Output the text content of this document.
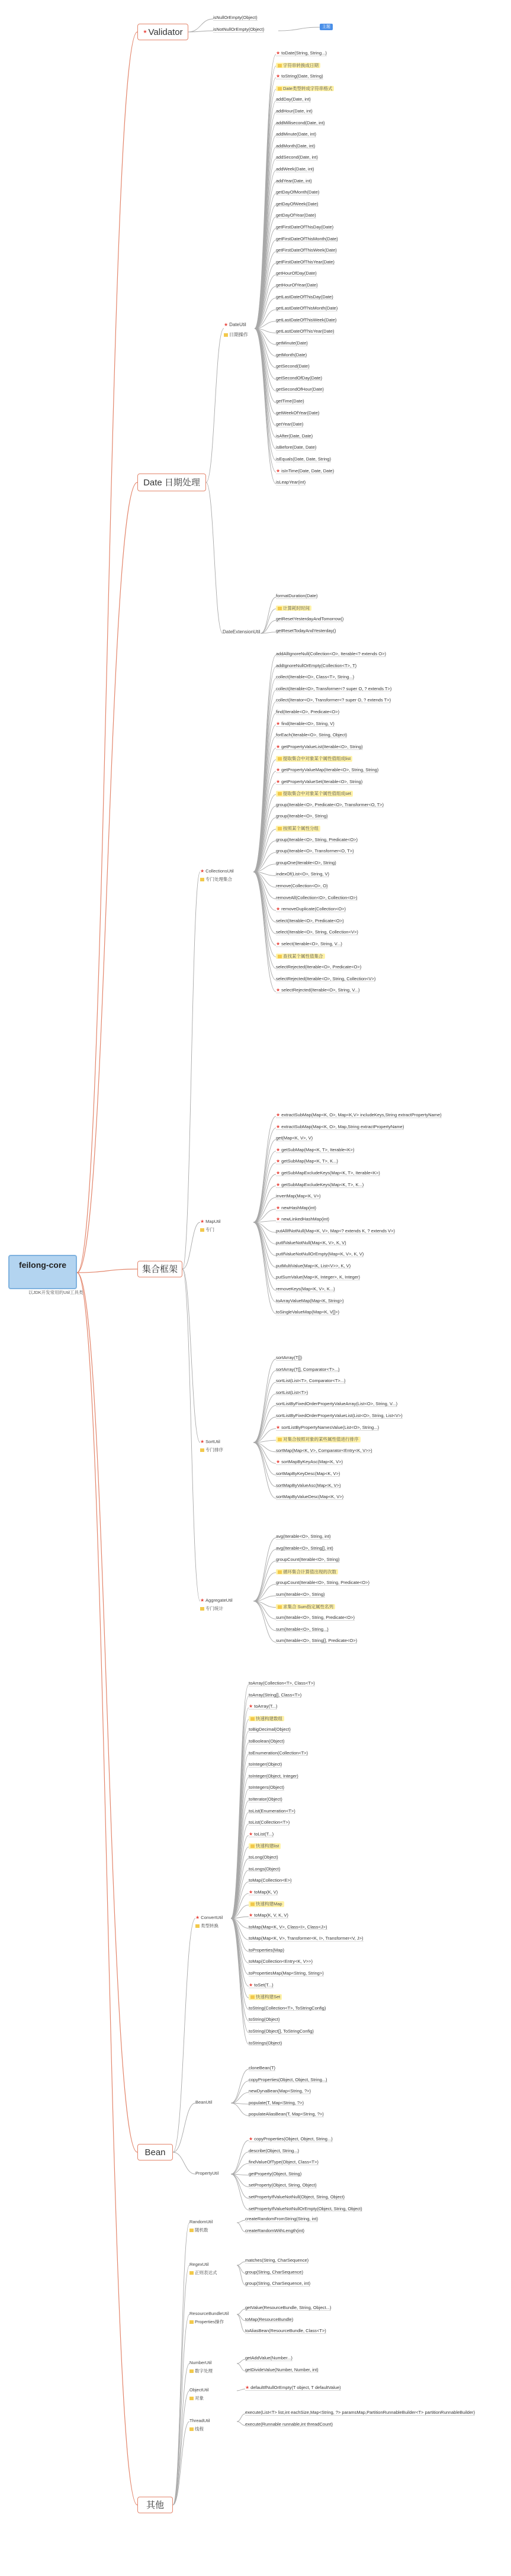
feilong-core
以JDK开发常用的Util工具类
★ Validator
isNullOrEmpty(Object)
isNotNullOrEmpty(Object)	主题
Date 日期处理
★ DateUtil
日期操作
DateExtensionUtil
集合框架
Bean
其他
★ toDate(String, String...)
字符串转换成日期
★ toString(Date, String)
Date类型转成字符串格式
addDay(Date, int)
addHour(Date, int)
addMillisecond(Date, int)
addMinute(Date, int)
addMonth(Date, int)
addSecond(Date, int)
addWeek(Date, int)
addYear(Date, int)
getDayOfMonth(Date)
getDayOfWeek(Date)
getDayOfYear(Date)
getFirstDateOfThisDay(Date)
getFirstDateOfThisMonth(Date)
getFirstDateOfThisWeek(Date)
getFirstDateOfThisYear(Date)
getHourOfDay(Date)
getHourOfYear(Date)
getLastDateOfThisDay(Date)
getLastDateOfThisMonth(Date)
getLastDateOfThisWeek(Date)
getLastDateOfThisYear(Date)
getMinute(Date)
getMonth(Date)
getSecond(Date)
getSecondOfDay(Date)
getSecondOfHour(Date)
getTime(Date)
getWeekOfYear(Date)
getYear(Date)
isAfter(Date, Date)
isBefore(Date, Date)
isEquals(Date, Date, String)
★ isInTime(Date, Date, Date)
isLeapYear(int)
formatDuration(Date)
计算耗时时间
getResetYesterdayAndTomorrow()
getResetTodayAndYesterday()
★ CollectionsUtil
专门处理集合
addAllIgnoreNull(Collection<O>, Iterable<? extends O>)
addIgnoreNullOrEmpty(Collection<T>, T)
collect(Iterable<O>, Class<T>, String...)
collect(Iterable<O>, Transformer<? super O, ? extends T>)
collect(Iterator<O>, Transformer<? super O, ? extends T>)
find(Iterable<O>, Predicate<O>)
★ find(Iterable<O>, String, V)
forEach(Iterable<O>, String, Object)
★ getPropertyValueList(Iterable<O>, String)
提取集合中对象某个属性值组成list
★ getPropertyValueMap(Iterable<O>, String, String)
★ getPropertyValueSet(Iterable<O>, String)
提取集合中对象某个属性值组成set
group(Iterable<O>, Predicate<O>, Transformer<O, T>)
group(Iterable<O>, String)
按照某个属性分组
group(Iterable<O>, String, Predicate<O>)
group(Iterable<O>, Transformer<O, T>)
groupOne(Iterable<O>, String)
indexOf(List<O>, String, V)
remove(Collection<O>, O)
removeAll(Collection<O>, Collection<O>)
★ removeDuplicate(Collection<O>)
select(Iterable<O>, Predicate<O>)
select(Iterable<O>, String, Collection<V>)
★ select(Iterable<O>, String, V...)
查找某个属性值集合
selectRejected(Iterable<O>, Predicate<O>)
selectRejected(Iterable<O>, String, Collection<V>)
★ selectRejected(Iterable<O>, String, V...)
★ MapUtil
专门
★ extractSubMap(Map<K, O>, Map<K,V> includeKeys,String extractPropertyName)
★ extractSubMap(Map<K, O>, Map,String extractPropertyName)
get(Map<K, V>, V)
★ getSubMap(Map<K, T>, Iterable<K>)
★ getSubMap(Map<K, T>, K...)
★ getSubMapExcludeKeys(Map<K, T>, Iterable<K>)
★ getSubMapExcludeKeys(Map<K, T>, K...)
invertMap(Map<K, V>)
★ newHashMap(int)
★ newLinkedHashMap(int)
putAllIfNotNull(Map<K, V>, Map<? extends K, ? extends V>)
putIfValueNotNull(Map<K, V>, K, V)
putIfValueNotNullOrEmpty(Map<K, V>, K, V)
putMultiValue(Map<K, List<V>>, K, V)
putSumValue(Map<K, Integer>, K, Integer)
removeKeys(Map<K, V>, K...)
toArrayValueMap(Map<K, String>)
toSingleValueMap(Map<K, V[]>)
★ SortUtil
专门排序
sortArray(T[])
sortArray(T[], Comparator<T>...)
sortList(List<T>, Comparator<T>...)
sortList(List<T>)
sortListByFixedOrderPropertyValueArray(List<O>, String, V...)
sortListByFixedOrderPropertyValueList(List<O>, String, List<V>)
★ sortListByPropertyNamesValue(List<O>, String...)
对集合按照对象的某些属性值进行排序
sortMap(Map<K, V>, Comparator<Entry<K, V>>)
★ sortMapByKeyAsc(Map<K, V>)
sortMapByKeyDesc(Map<K, V>)
sortMapByValueAsc(Map<K, V>)
sortMapByValueDesc(Map<K, V>)
★ AggregateUtil
专门统计
avg(Iterable<O>, String, int)
avg(Iterable<O>, String[], int)
groupCount(Iterable<O>, String)
循环集合计算值出现的次数
groupCount(Iterable<O>, String, Predicate<O>)
sum(Iterable<O>, String)
求集合 Sum指定属性名列
sum(Iterable<O>, String, Predicate<O>)
sum(Iterable<O>, String...)
sum(Iterable<O>, String[], Predicate<O>)
★ ConvertUtil
类型转换
toArray(Collection<T>, Class<T>)
toArray(String[], Class<T>)
★ toArray(T...)
快速构建数组
toBigDecimal(Object)
toBoolean(Object)
toEnumeration(Collection<T>)
toInteger(Object)
toInteger(Object, Integer)
toIntegers(Object)
toIterator(Object)
toList(Enumeration<T>)
toList(Collection<T>)
★ toList(T...)
快速构建list
toLong(Object)
toLongs(Object)
toMap(Collection<E>)
★ toMap(K, V)
快速构建Map
★ toMap(K, V, K, V)
toMap(Map<K, V>, Class<I>, Class<J>)
toMap(Map<K, V>, Transformer<K, I>, Transformer<V, J>)
toProperties(Map)
toMap(Collection<Entry<K, V>>)
toPropertiesMap(Map<String, String>)
★ toSet(T...)
快速构建Set
toString(Collection<T>, ToStringConfig)
toString(Object)
toString(Object[], ToStringConfig)
toStrings(Object)
BeanUtil
cloneBean(T)
copyProperties(Object, Object, String...)
newDynaBean(Map<String, ?>)
populate(T, Map<String, ?>)
populateAliasBean(T, Map<String, ?>)
PropertyUtil
★ copyProperties(Object, Object, String...)
describe(Object, String...)
findValueOfType(Object, Class<T>)
getProperty(Object, String)
setProperty(Object, String, Object)
setPropertyIfValueNotNull(Object, String, Object)
setPropertyIfValueNotNullOrEmpty(Object, String, Object)
RandomUtil
随机数
createRandomFromString(String, int)
createRandomWithLength(int)
RegexUtil
正则表达式
matches(String, CharSequence)
group(String, CharSequence)
group(String, CharSequence, int)
ResourceBundleUtil
Properties操作
getValue(ResourceBundle, String, Object...)
toMap(ResourceBundle)
toAliasBean(ResourceBundle, Class<T>)
NumberUtil
数字处理
getAddValue(Number...)
getDivideValue(Number, Number, int)
ObjectUtil
对象
★ defaultIfNullOrEmpty(T object, T defaultValue)
ThreadUtil
线程
execute(List<T> list,int eachSize,Map<String, ?> paramsMap,PartitionRunnableBuilder<T> partitionRunnableBuilder)
execute(Runnable runnable,int threadCount)
